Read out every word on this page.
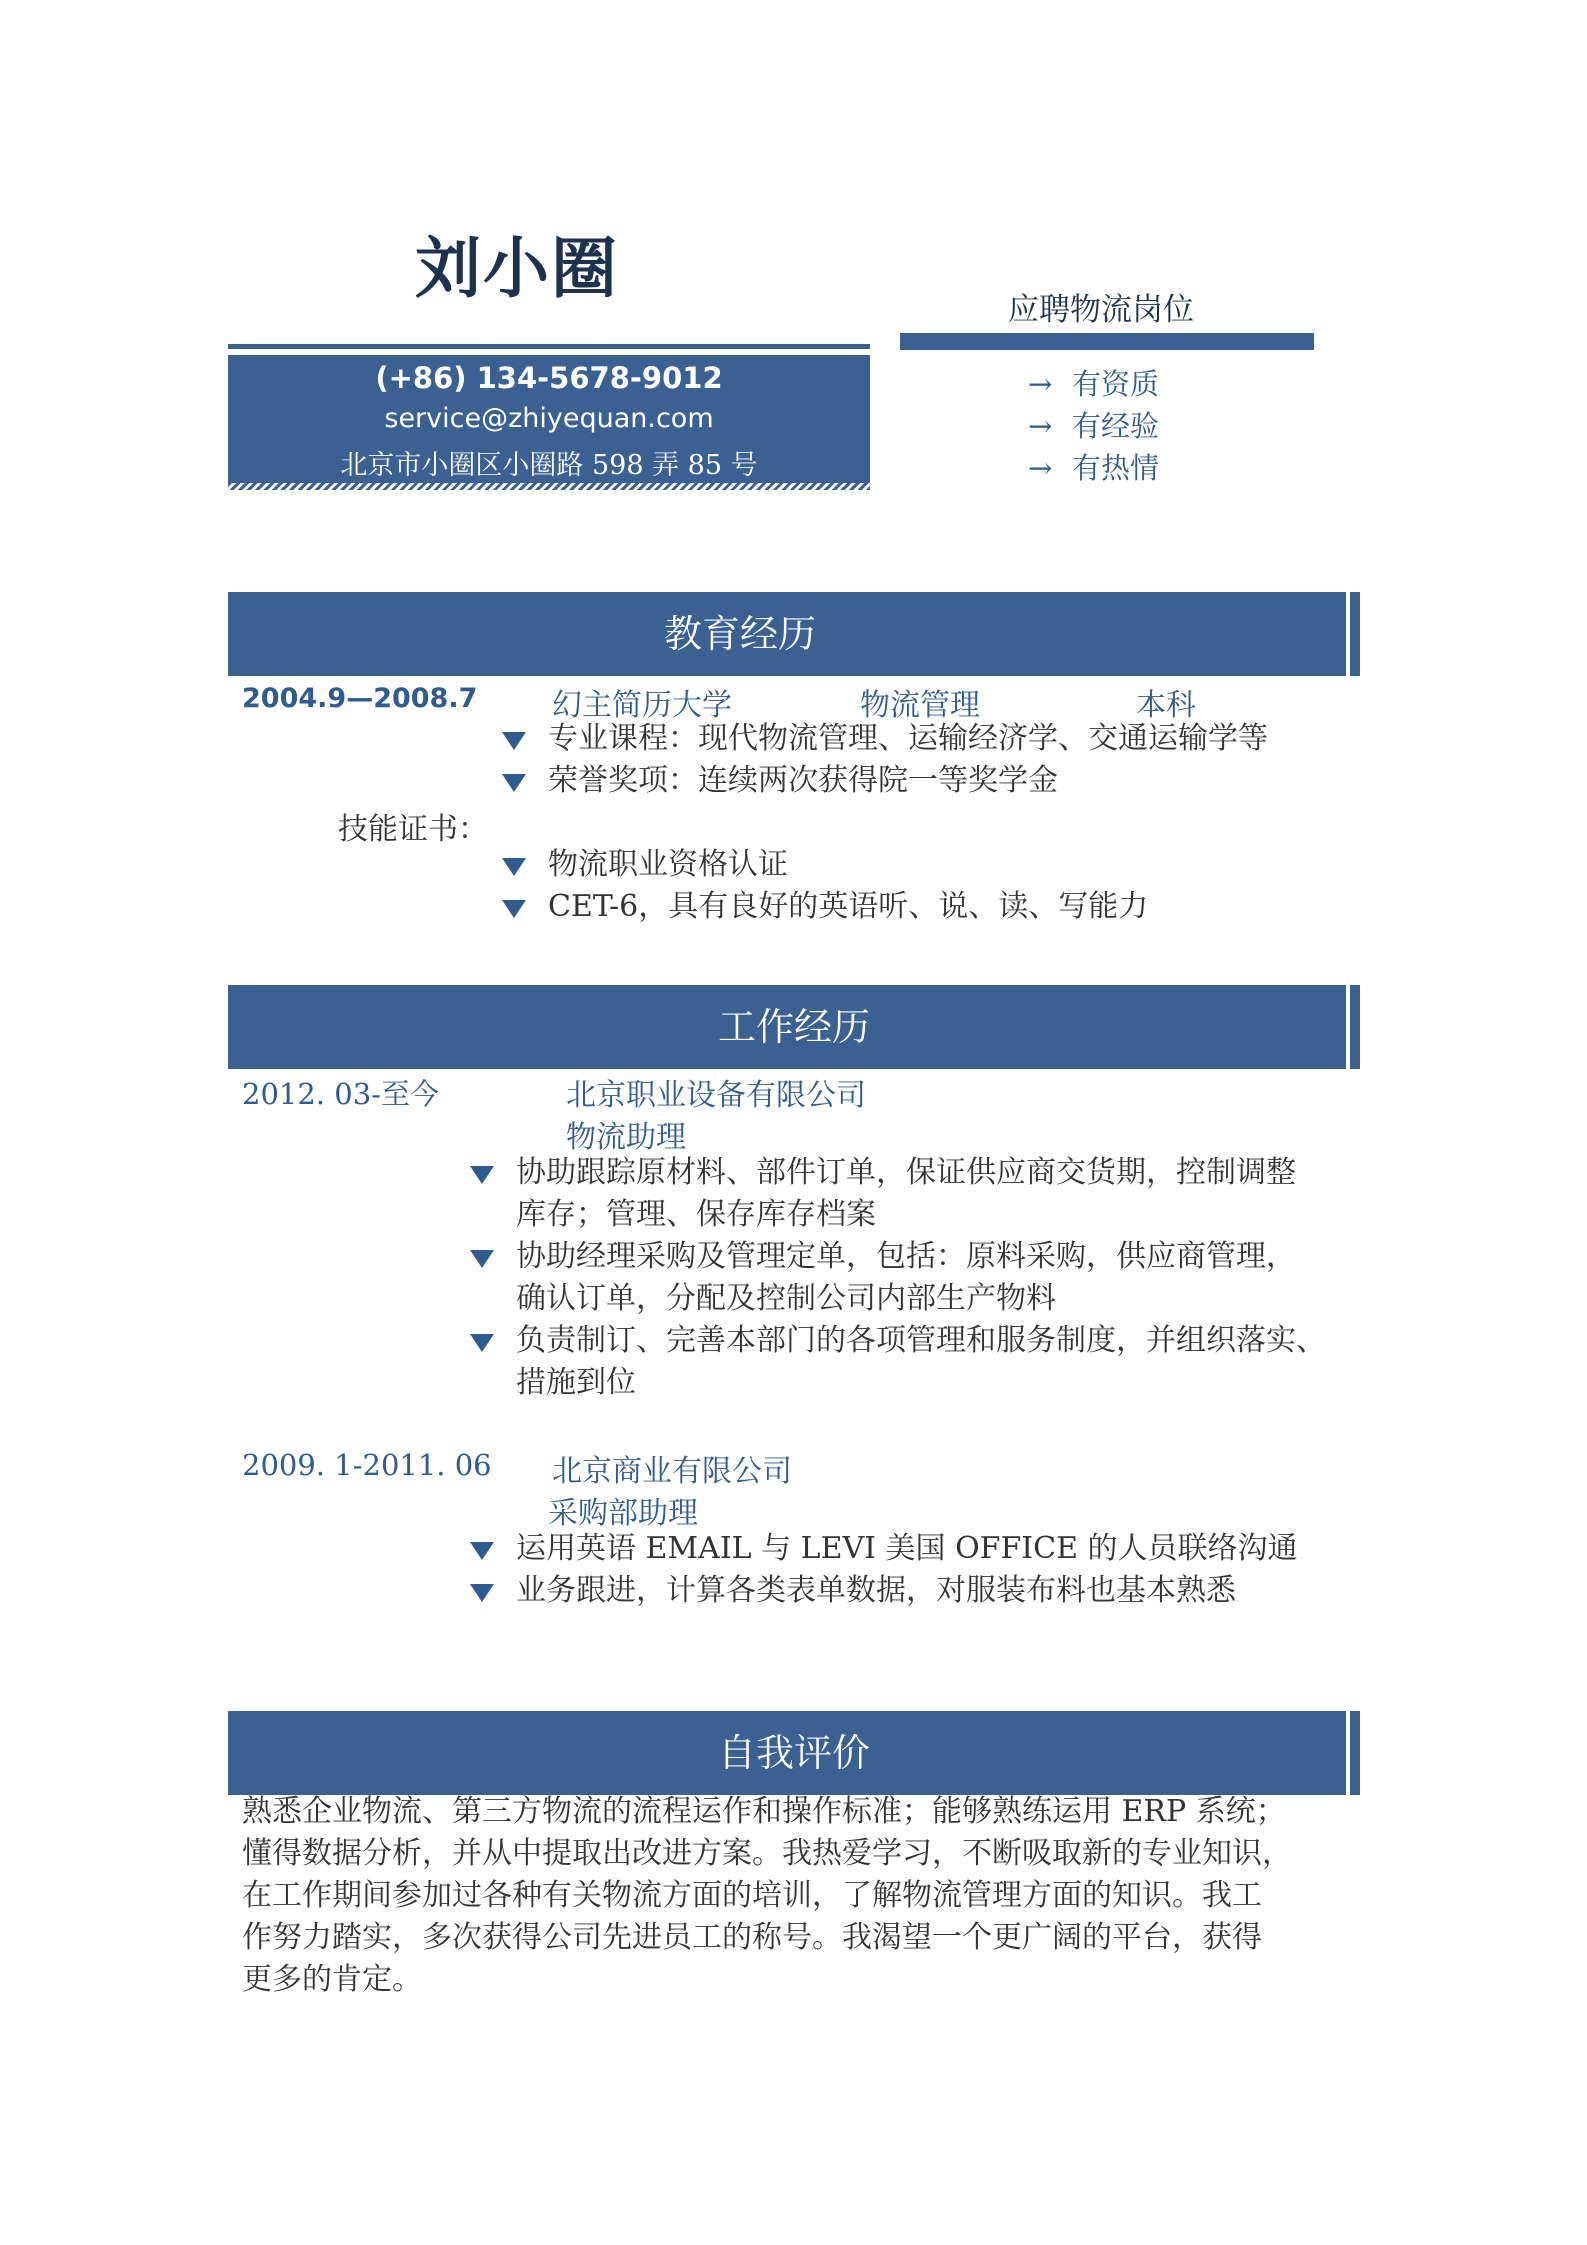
刘小圈
应聘物流岗位
(+86) 134-5678-9012
service@zhiyequan.com
北京市小圈区小圈路 598 弄 85 号
→ 有资质
→ 有经验
→ 有热情
教育经历
2004.9—2008.7 幻主简历大学	物流管理	本科
专业课程：现代物流管理、运输经济学、交通运输学等
荣誉奖项：连续两次获得院一等奖学金
技能证书：
物流职业资格认证
CET-6，具有良好的英语听、说、读、写能力
工作经历
2012. 03-至今	北京职业设备有限公司
物流助理
协助跟踪原材料、部件订单，保证供应商交货期，控制调整
库存；管理、保存库存档案
协助经理采购及管理定单，包括：原料采购，供应商管理，
确认订单，分配及控制公司内部生产物料
负责制订、完善本部门的各项管理和服务制度，并组织落实、
措施到位
2009. 1-2011. 06 北京商业有限公司
采购部助理
运用英语 EMAIL 与 LEVI 美国 OFFICE 的人员联络沟通
业务跟进，计算各类表单数据，对服装布料也基本熟悉
自我评价
熟悉企业物流、第三方物流的流程运作和操作标准；能够熟练运用 ERP 系统；
懂得数据分析，并从中提取出改进方案。我热爱学习，不断吸取新的专业知识，
在工作期间参加过各种有关物流方面的培训，了解物流管理方面的知识。我工
作努力踏实，多次获得公司先进员工的称号。我渴望一个更广阔的平台，获得
更多的肯定。
